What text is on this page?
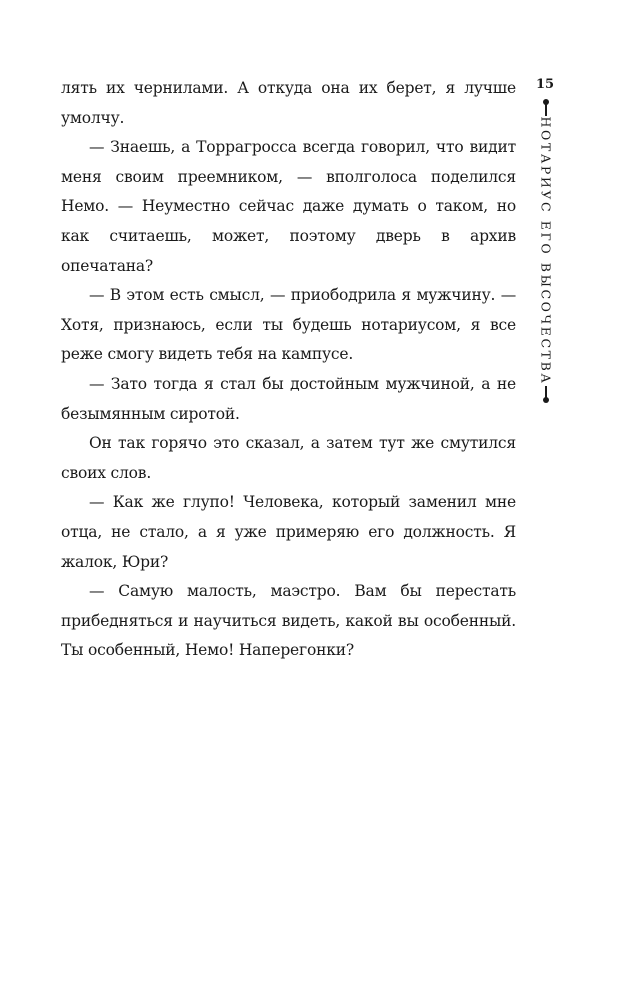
лять их чернилами. А откуда она их берет, я лучше умолчу.

— Знаешь, а Торрагросса всегда говорил, что видит меня своим преемником, — вполголоса поделился Немо. — Неуместно сейчас даже думать о таком, но как считаешь, может, поэтому дверь в архив опечатана?

— В этом есть смысл, — приободрила я мужчину. — Хотя, признаюсь, если ты будешь нотариусом, я все реже смогу видеть тебя на кампусе.

— Зато тогда я стал бы достойным мужчиной, а не безымянным сиротой.

Он так горячо это сказал, а затем тут же смутился своих слов.

— Как же глупо! Человека, который заменил мне отца, не стало, а я уже примеряю его должность. Я жалок, Юри?

— Самую малость, маэстро. Вам бы перестать прибедняться и научиться видеть, какой вы особенный. Ты особенный, Немо! Наперегонки?

15
НОТАРИУС ЕГО ВЫСОЧЕСТВА
